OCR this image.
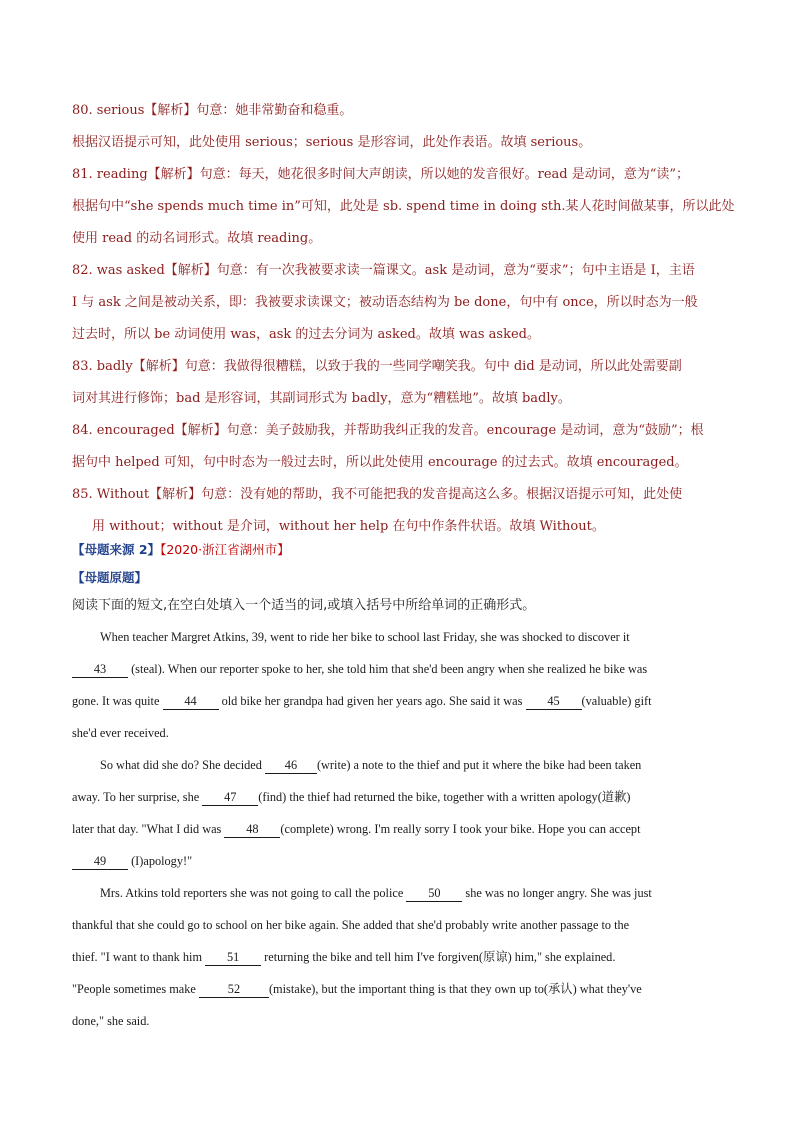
80. serious【解析】句意：她非常勤奋和稳重。
根据汉语提示可知，此处使用 serious；serious 是形容词，此处作表语。故填 serious。
81. reading【解析】句意：每天，她花很多时间大声朗读，所以她的发音很好。read 是动词，意为“读”；
根据句中“she spends much time in”可知，此处是 sb. spend time in doing sth.某人花时间做某事，所以此处
使用 read 的动名词形式。故填 reading。
82. was asked【解析】句意：有一次我被要求读一篇课文。ask 是动词，意为“要求”；句中主语是 I，主语
I 与 ask 之间是被动关系，即：我被要求读课文；被动语态结构为 be done，句中有 once，所以时态为一般
过去时，所以 be 动词使用 was，ask 的过去分词为 asked。故填 was asked。
83. badly【解析】句意：我做得很糟糕，以致于我的一些同学嘲笑我。句中 did 是动词，所以此处需要副
词对其进行修饰；bad 是形容词，其副词形式为 badly，意为“糟糕地”。故填 badly。
84. encouraged【解析】句意：美子鼓励我，并帮助我纠正我的发音。encourage 是动词，意为“鼓励”；根
据句中 helped 可知，句中时态为一般过去时，所以此处使用 encourage 的过去式。故填 encouraged。
85. Without【解析】句意：没有她的帮助，我不可能把我的发音提高这么多。根据汉语提示可知，此处使
用 without；without 是介词，without her help 在句中作条件状语。故填 Without。
【母题来源 2】【2020·浙江省湖州市】
【母题原题】
阅读下面的短文,在空白处填入一个适当的词,或填入括号中所给单词的正确形式。
When teacher Margret Atkins, 39, went to ride her bike to school last Friday, she was shocked to discover it
43 (steal). When our reporter spoke to her, she told him that she'd been angry when she realized he bike was
gone. It was quite 44 old bike her grandpa had given her years ago. She said it was 45 (valuable) gift
she'd ever received.
So what did she do? She decided 46 (write) a note to the thief and put it where the bike had been taken
away. To her surprise, she 47 (find) the thief had returned the bike, together with a written apology(道歉)
later that day. "What I did was 48 (complete) wrong. I'm really sorry I took your bike. Hope you can accept
49 (I)apology!"
Mrs. Atkins told reporters she was not going to call the police 50 she was no longer angry. She was just
thankful that she could go to school on her bike again. She added that she'd probably write another passage to the
thief. "I want to thank him 51 returning the bike and tell him I've forgiven(原谅) him," she explained.
"People sometimes make 52 (mistake), but the important thing is that they own up to(承认) what they've
done," she said.
